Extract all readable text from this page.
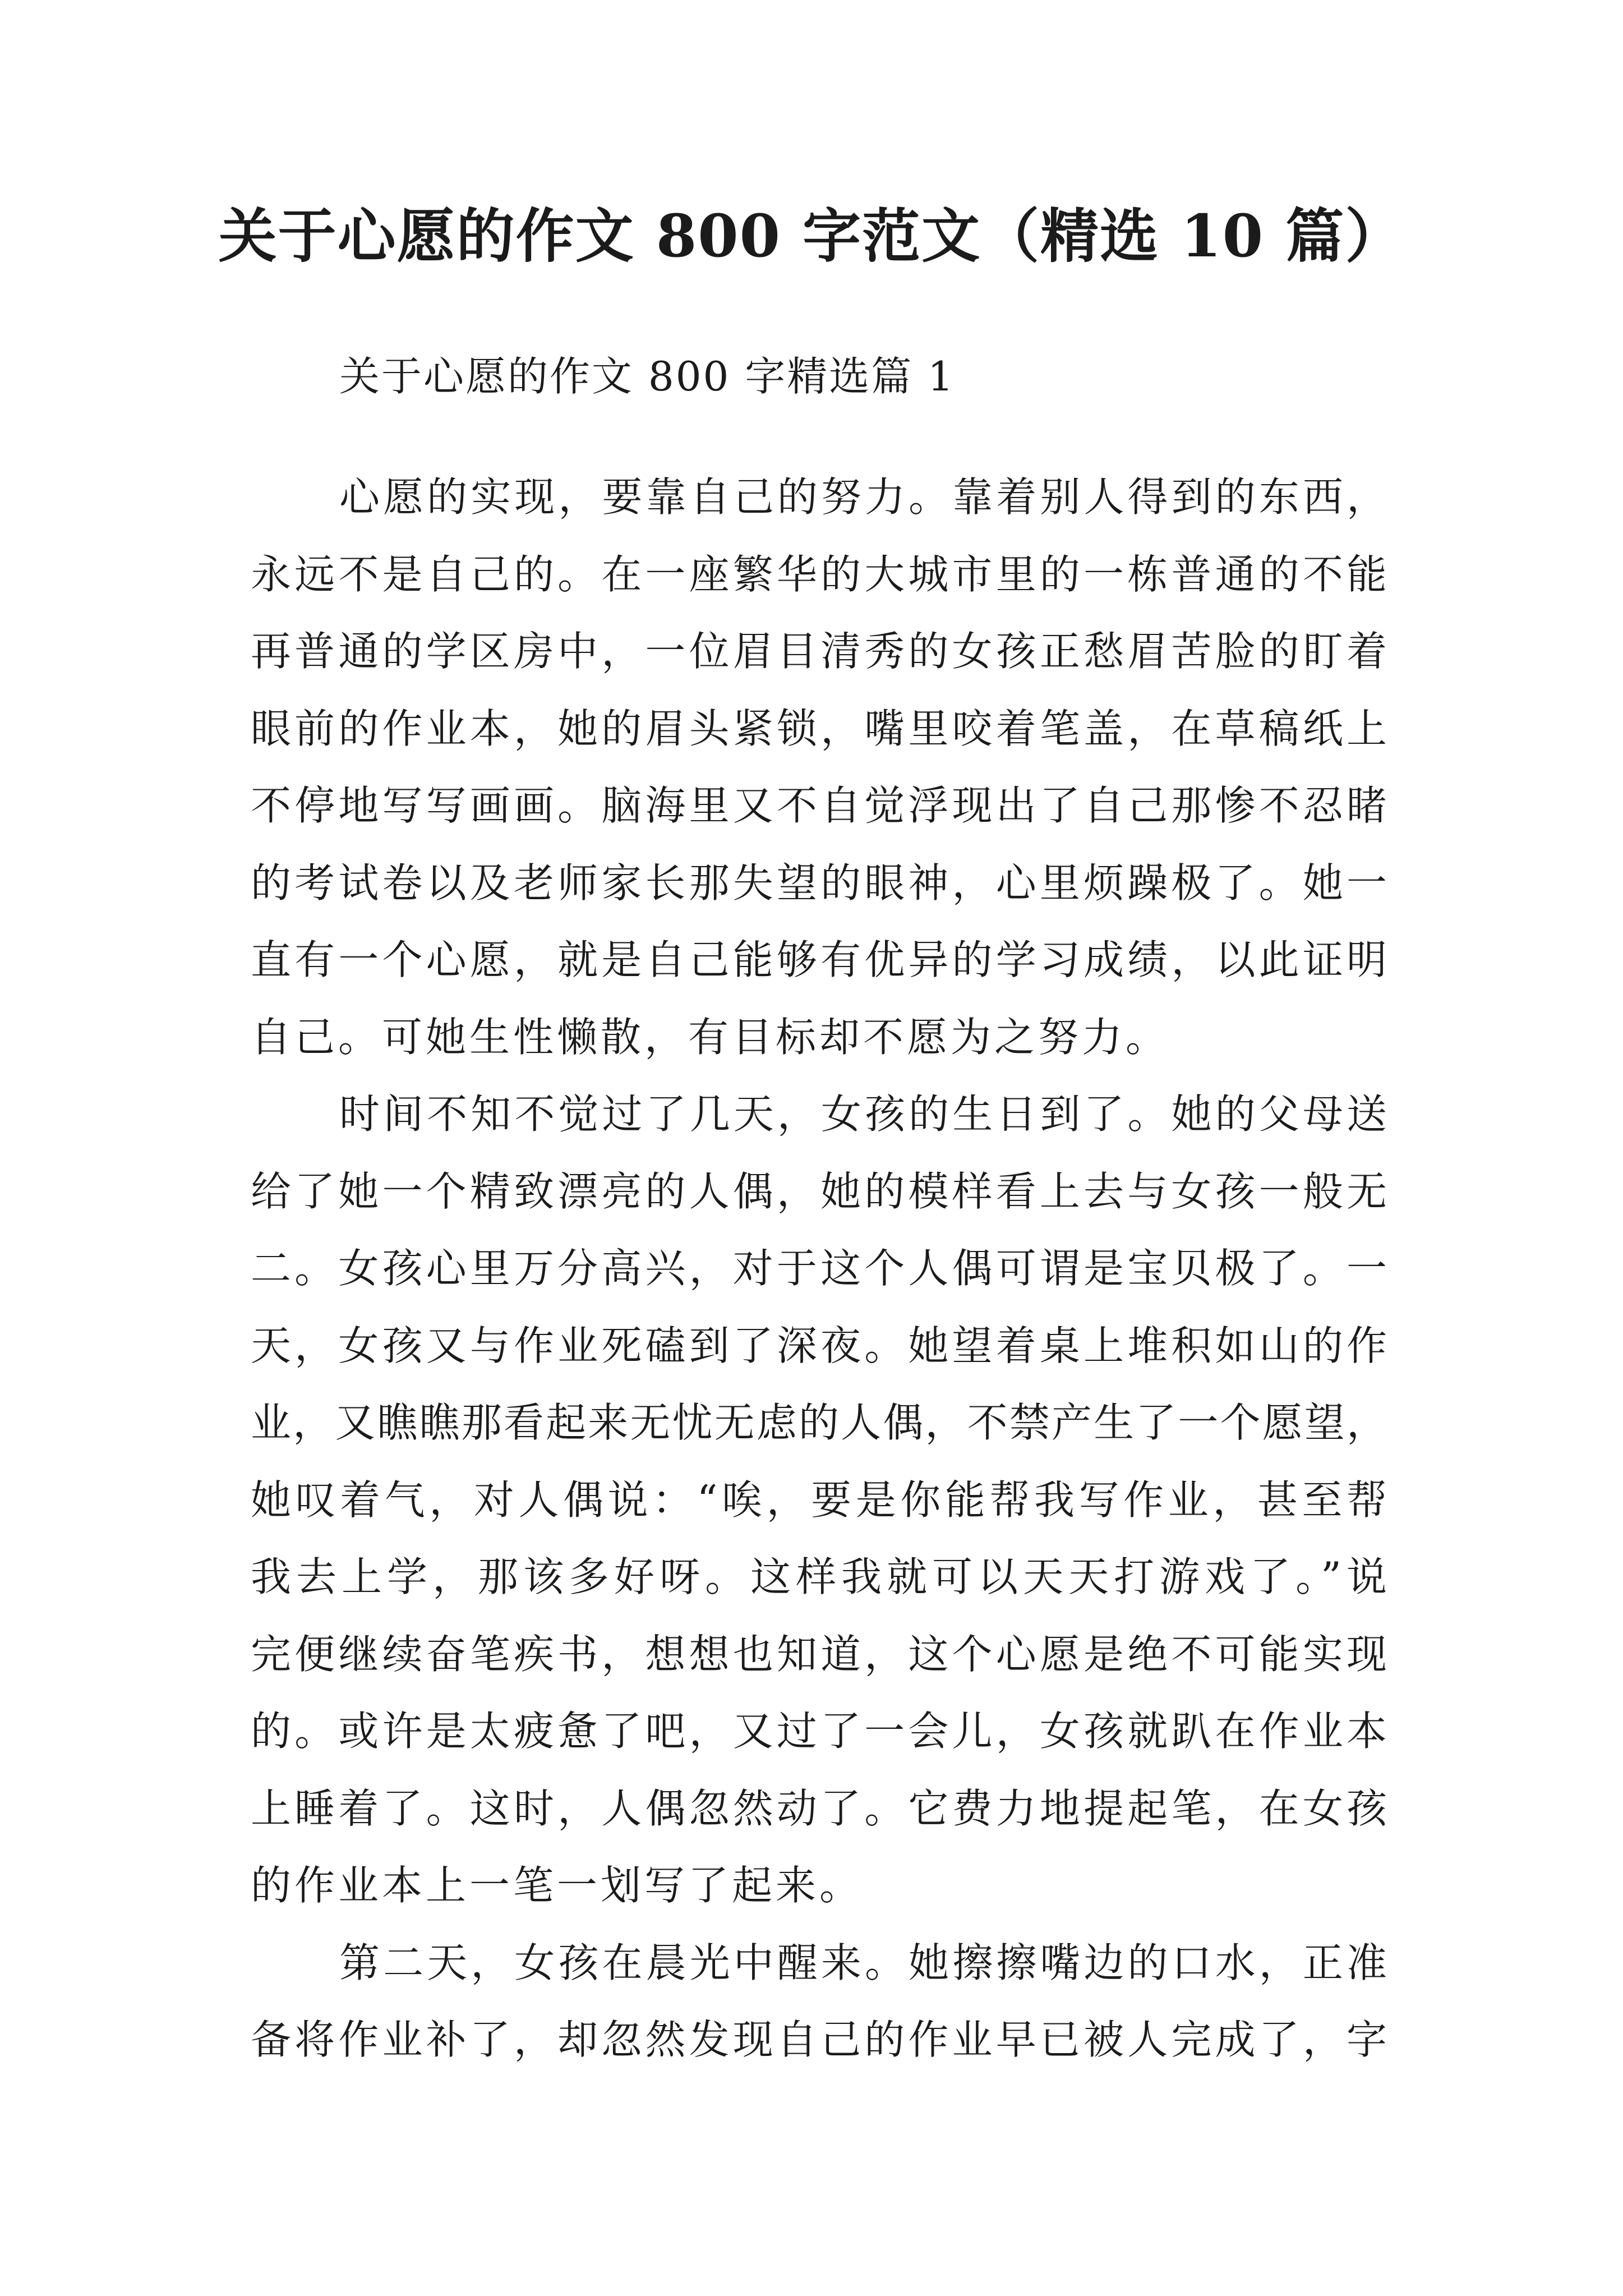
关于心愿的作文 800 字范文（精选 10 篇）
关于心愿的作文 800 字精选篇 1
心愿的实现，要靠自己的努力。靠着别人得到的东西，
永远不是自己的。在一座繁华的大城市里的一栋普通的不能
再普通的学区房中，一位眉目清秀的女孩正愁眉苦脸的盯着
眼前的作业本，她的眉头紧锁，嘴里咬着笔盖，在草稿纸上
不停地写写画画。脑海里又不自觉浮现出了自己那惨不忍睹
的考试卷以及老师家长那失望的眼神，心里烦躁极了。她一
直有一个心愿，就是自己能够有优异的学习成绩，以此证明
自己。可她生性懒散，有目标却不愿为之努力。
时间不知不觉过了几天，女孩的生日到了。她的父母送
给了她一个精致漂亮的人偶，她的模样看上去与女孩一般无
二。女孩心里万分高兴，对于这个人偶可谓是宝贝极了。一
天，女孩又与作业死磕到了深夜。她望着桌上堆积如山的作
业，又瞧瞧那看起来无忧无虑的人偶，不禁产生了一个愿望，
她叹着气，对人偶说：“唉，要是你能帮我写作业，甚至帮
我去上学，那该多好呀。这样我就可以天天打游戏了。”说
完便继续奋笔疾书，想想也知道，这个心愿是绝不可能实现
的。或许是太疲惫了吧，又过了一会儿，女孩就趴在作业本
上睡着了。这时，人偶忽然动了。它费力地提起笔，在女孩
的作业本上一笔一划写了起来。
第二天，女孩在晨光中醒来。她擦擦嘴边的口水，正准
备将作业补了，却忽然发现自己的作业早已被人完成了，字
